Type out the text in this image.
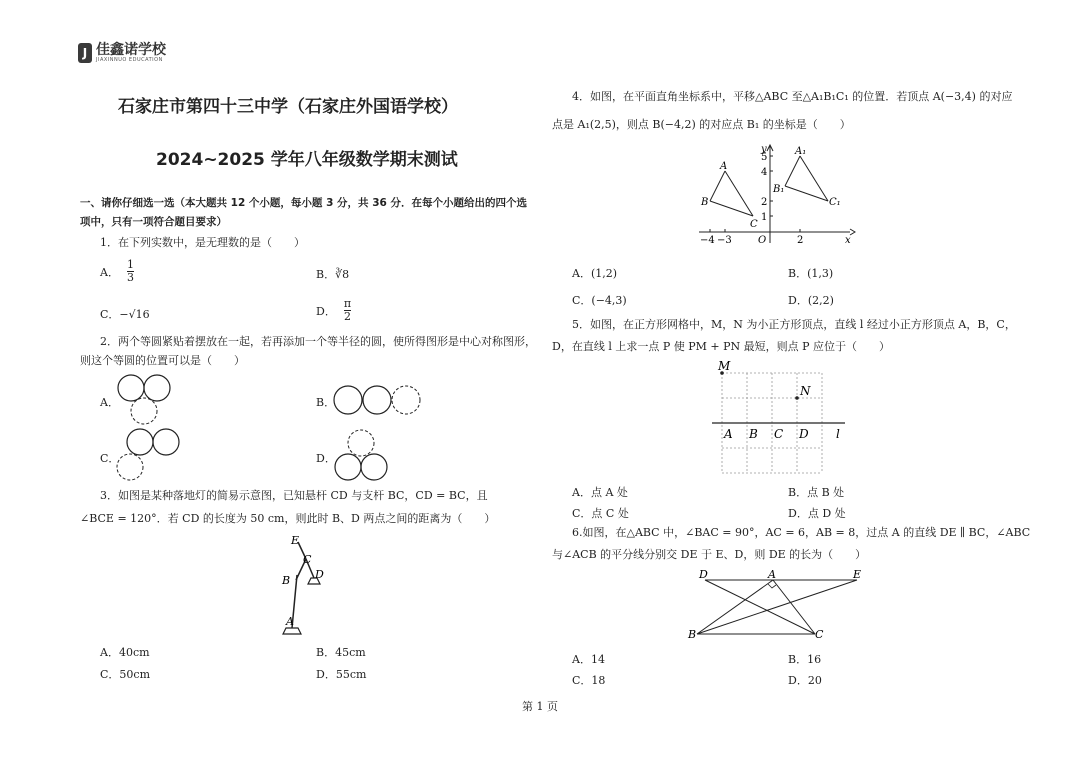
J 佳鑫诺学校
JIAXINNUO EDUCATION
石家庄市第四十三中学（石家庄外国语学校）
2024~2025 学年八年级数学期末测试
一、请你仔细选一选（本大题共 12 个小题，每小题 3 分，共 36 分．在每个小题给出的四个选
项中，只有一项符合题目要求）
1．在下列实数中，是无理数的是（　　）
A． $\frac{1}{3}$	B．∛8
C．−√16	D． $\frac{\pi}{2}$
2．两个等圆紧贴着摆放在一起，若再添加一个等半径的圆，使所得图形是中心对称图形，
则这个等圆的位置可以是（　　）
A．	B．
C．	D．
3．如图是某种落地灯的简易示意图，已知悬杆 CD 与支杆 BC，CD = BC，且
∠BCE = 120°．若 CD 的长度为 50 cm，则此时 B、D 两点之间的距离为（　　）
E
C
B D
A
A．40cm	B．45cm
C．50cm	D．55cm
4．如图，在平面直角坐标系中，平移△ABC 至△A₁B₁C₁ 的位置．若顶点 A(−3,4) 的对应
点是 A₁(2,5)，则点 B(−4,2) 的对应点 B₁ 的坐标是（　　）
y
x
O
5
4
2
1
−4 −3	2
A
B
C
A₁
B₁
C₁
A．(1,2)	B．(1,3)
C．(−4,3)	D．(2,2)
5．如图，在正方形网格中，M，N 为小正方形顶点，直线 l 经过小正方形顶点 A，B，C，
D，在直线 l 上求一点 P 使 PM + PN 最短，则点 P 应位于（　　）
M
N
A B C D l
A．点 A 处	B．点 B 处
C．点 C 处	D．点 D 处
6.如图，在△ABC 中，∠BAC = 90°，AC = 6，AB = 8，过点 A 的直线 DE ∥ BC，∠ABC
与∠ACB 的平分线分别交 DE 于 E、D，则 DE 的长为（　　）
D	A	E
B	C
A．14	B．16
C．18	D．20
第 1 页
